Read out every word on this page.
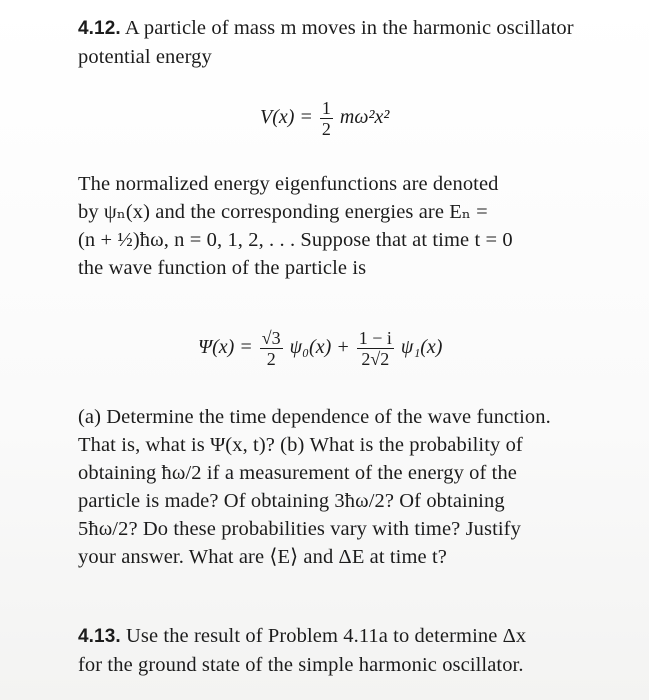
4.12. A particle of mass m moves in the harmonic oscillator potential energy
$V(x) = \frac{1}{2} m\omega^2x^2$
The normalized energy eigenfunctions are denoted
by ψₙ(x) and the corresponding energies are Eₙ =
(n + ½)ħω, n = 0, 1, 2, . . . Suppose that at time t = 0
the wave function of the particle is
$\Psi(x) = \frac{√3}{2} \psi_0(x) + \frac{1 - i}{2√2} \psi_1(x)$
(a) Determine the time dependence of the wave function.
That is, what is Ψ(x, t)? (b) What is the probability of
obtaining ħω/2 if a measurement of the energy of the
particle is made? Of obtaining 3ħω/2? Of obtaining
5ħω/2? Do these probabilities vary with time? Justify
your answer. What are ⟨E⟩ and ΔE at time t?
4.13. Use the result of Problem 4.11a to determine Δx
for the ground state of the simple harmonic oscillator.
